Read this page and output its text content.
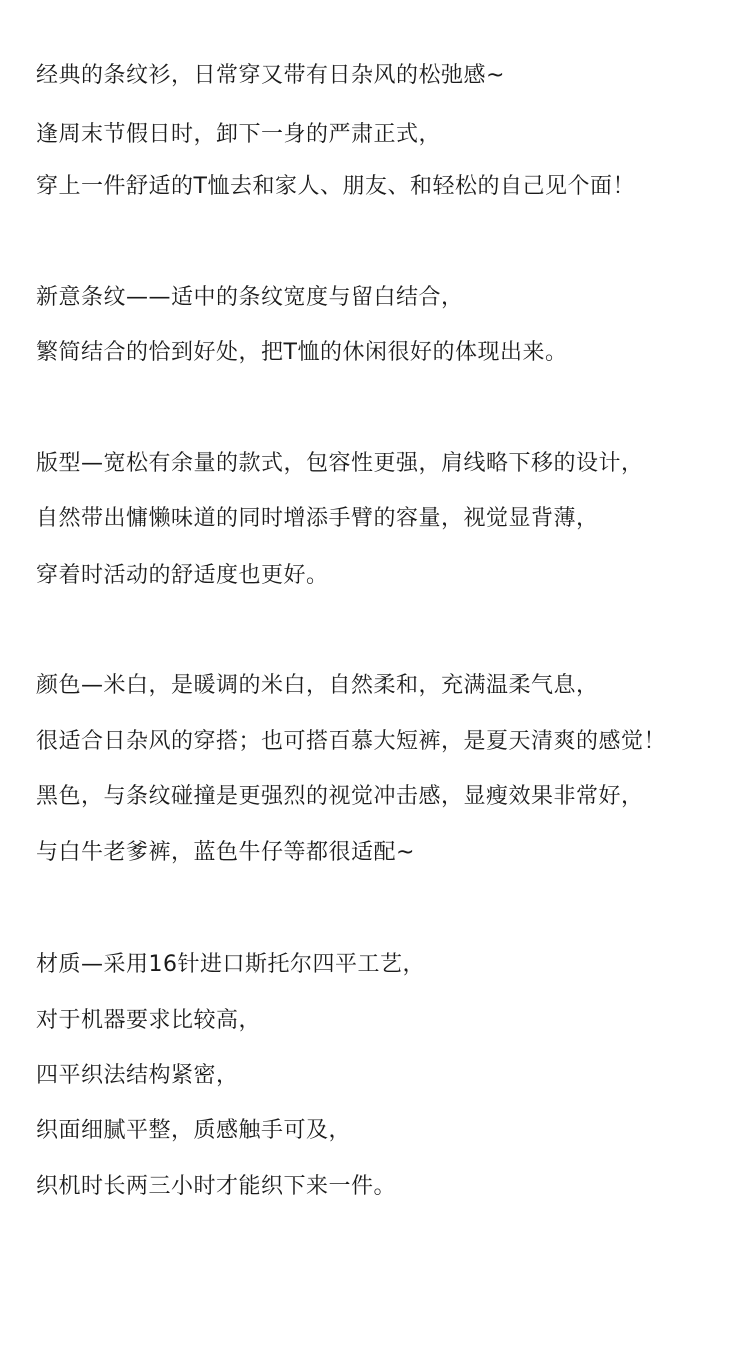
经典的条纹衫，日常穿又带有日杂风的松弛感~
逢周末节假日时，卸下一身的严肃正式，
穿上一件舒适的T恤去和家人、朋友、和轻松的自己见个面！
新意条纹——适中的条纹宽度与留白结合，
繁简结合的恰到好处，把T恤的休闲很好的体现出来。
版型—宽松有余量的款式，包容性更强，肩线略下移的设计，
自然带出慵懒味道的同时增添手臂的容量，视觉显背薄，
穿着时活动的舒适度也更好。
颜色—米白，是暖调的米白，自然柔和，充满温柔气息，
很适合日杂风的穿搭；也可搭百慕大短裤，是夏天清爽的感觉！
黑色，与条纹碰撞是更强烈的视觉冲击感，显瘦效果非常好，
与白牛老爹裤，蓝色牛仔等都很适配~
材质—采用16针进口斯托尔四平工艺，
对于机器要求比较高，
四平织法结构紧密，
织面细腻平整，质感触手可及，
织机时长两三小时才能织下来一件。
